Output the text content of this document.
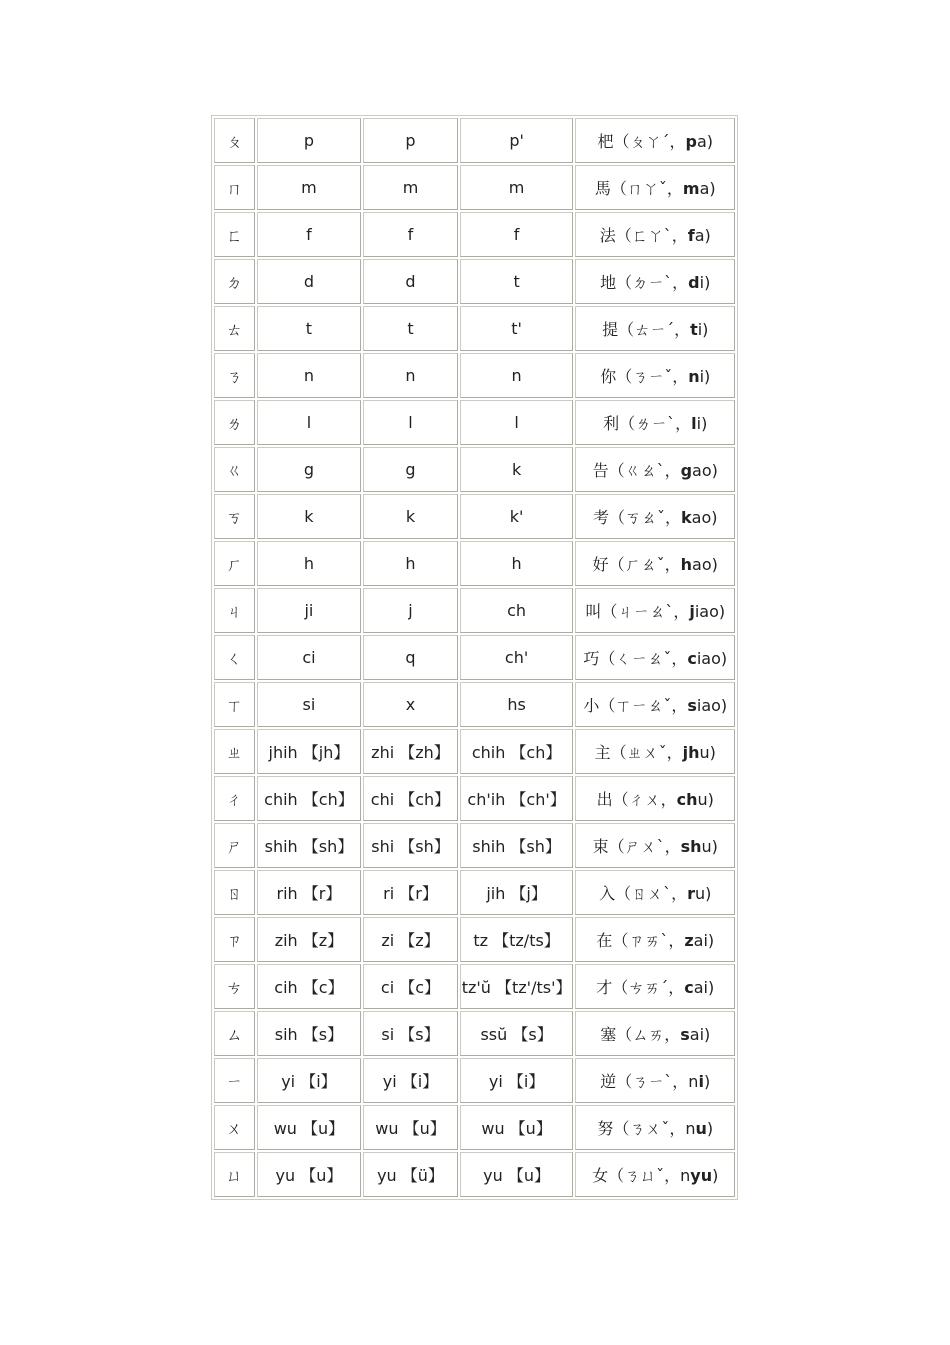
ㄆ	p	p	p'	杷（ㄆㄚˊ，pa)
ㄇ	m	m	m	馬（ㄇㄚˇ，ma)
ㄈ	f	f	f	法（ㄈㄚˋ，fa)
ㄉ	d	d	t	地（ㄉㄧˋ，di)
ㄊ	t	t	t'	提（ㄊㄧˊ，ti)
ㄋ	n	n	n	你（ㄋㄧˇ，ni)
ㄌ	l	l	l	利（ㄌㄧˋ，li)
ㄍ	g	g	k	告（ㄍㄠˋ，gao)
ㄎ	k	k	k'	考（ㄎㄠˇ，kao)
ㄏ	h	h	h	好（ㄏㄠˇ，hao)
ㄐ	ji	j	ch	叫（ㄐㄧㄠˋ，jiao)
ㄑ	ci	q	ch'	巧（ㄑㄧㄠˇ，ciao)
ㄒ	si	x	hs	小（ㄒㄧㄠˇ，siao)
ㄓ	jhih 【jh】	zhi 【zh】	chih 【ch】	主（ㄓㄨˇ，jhu)
ㄔ	chih 【ch】	chi 【ch】	ch'ih 【ch'】	出（ㄔㄨ，chu)
ㄕ	shih 【sh】	shi 【sh】	shih 【sh】	束（ㄕㄨˋ，shu)
ㄖ	rih 【r】	ri 【r】	jih 【j】	入（ㄖㄨˋ，ru)
ㄗ	zih 【z】	zi 【z】	tz 【tz/ts】	在（ㄗㄞˋ，zai)
ㄘ	cih 【c】	ci 【c】	tz'ŭ 【tz'/ts'】	才（ㄘㄞˊ，cai)
ㄙ	sih 【s】	si 【s】	ssŭ 【s】	塞（ㄙㄞ，sai)
ㄧ	yi 【i】	yi 【i】	yi 【i】	逆（ㄋㄧˋ，ni)
ㄨ	wu 【u】	wu 【u】	wu 【u】	努（ㄋㄨˇ，nu)
ㄩ	yu 【u】	yu 【ü】	yu 【u】	女（ㄋㄩˇ，nyu)
